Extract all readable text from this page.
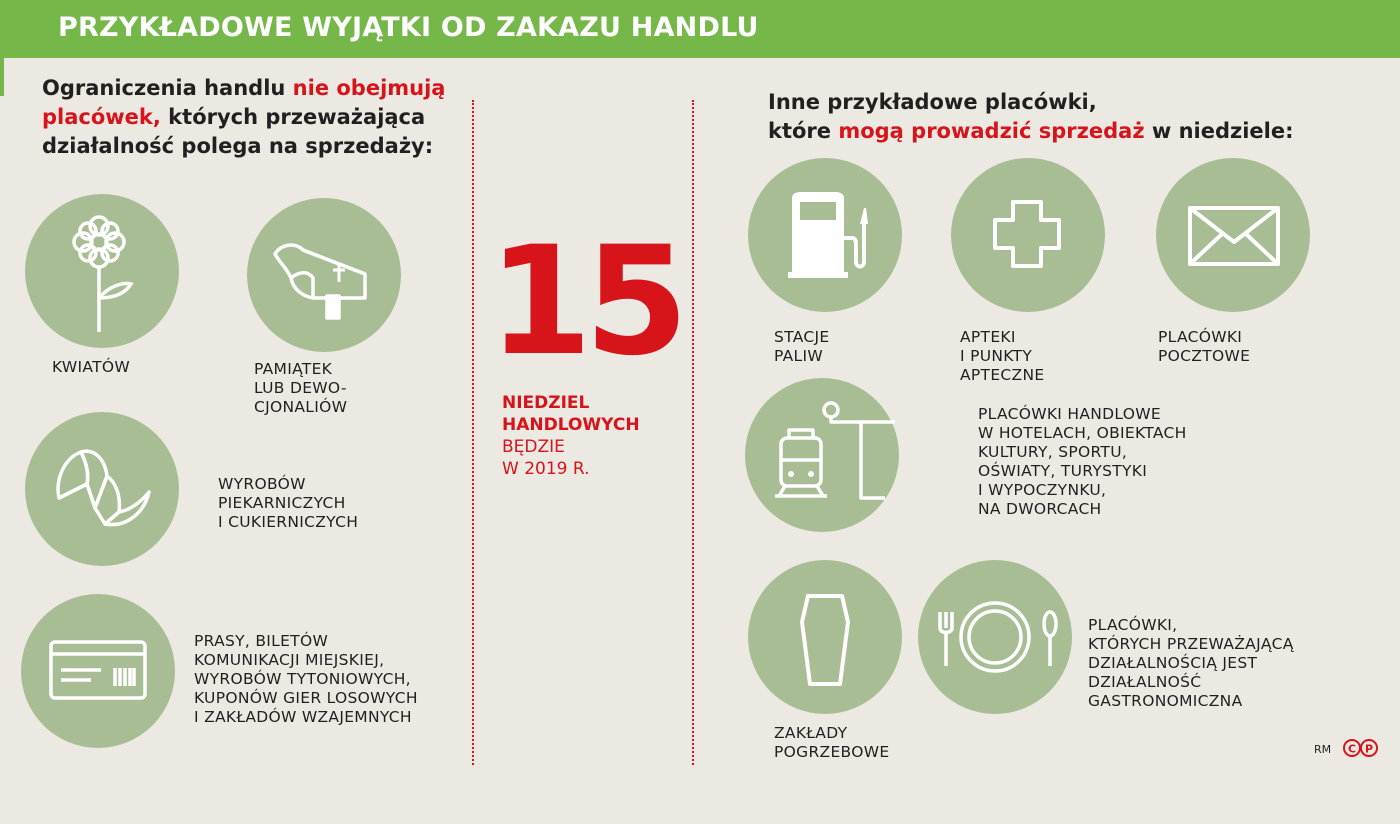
PRZYKŁADOWE WYJĄTKI OD ZAKAZU HANDLU
Ograniczenia handlu nie obejmują
placówek, których przeważająca
działalność polega na sprzedaży:
KWIATÓW	PAMIĄTEK
LUB DEWO-
CJONALIÓW
WYROBÓW
PIEKARNICZYCH
I CUKIERNICZYCH
PRASY, BILETÓW
KOMUNIKACJI MIEJSKIEJ,
WYROBÓW TYTONIOWYCH,
KUPONÓW GIER LOSOWYCH
I ZAKŁADÓW WZAJEMNYCH
15
NIEDZIEL
HANDLOWYCH
BĘDZIE
W 2019 R.
Inne przykładowe placówki,
które mogą prowadzić sprzedaż w niedziele:
STACJE
PALIW
APTEKI
I PUNKTY
APTECZNE
PLACÓWKI
POCZTOWE
PLACÓWKI HANDLOWE
W HOTELACH, OBIEKTACH
KULTURY, SPORTU,
OŚWIATY, TURYSTYKI
I WYPOCZYNKU,
NA DWORCACH
ZAKŁADY
POGRZEBOWE
PLACÓWKI,
KTÓRYCH PRZEWAŻAJĄCĄ
DZIAŁALNOŚCIĄ JEST
DZIAŁALNOŚĆ
GASTRONOMICZNA
RM C P
